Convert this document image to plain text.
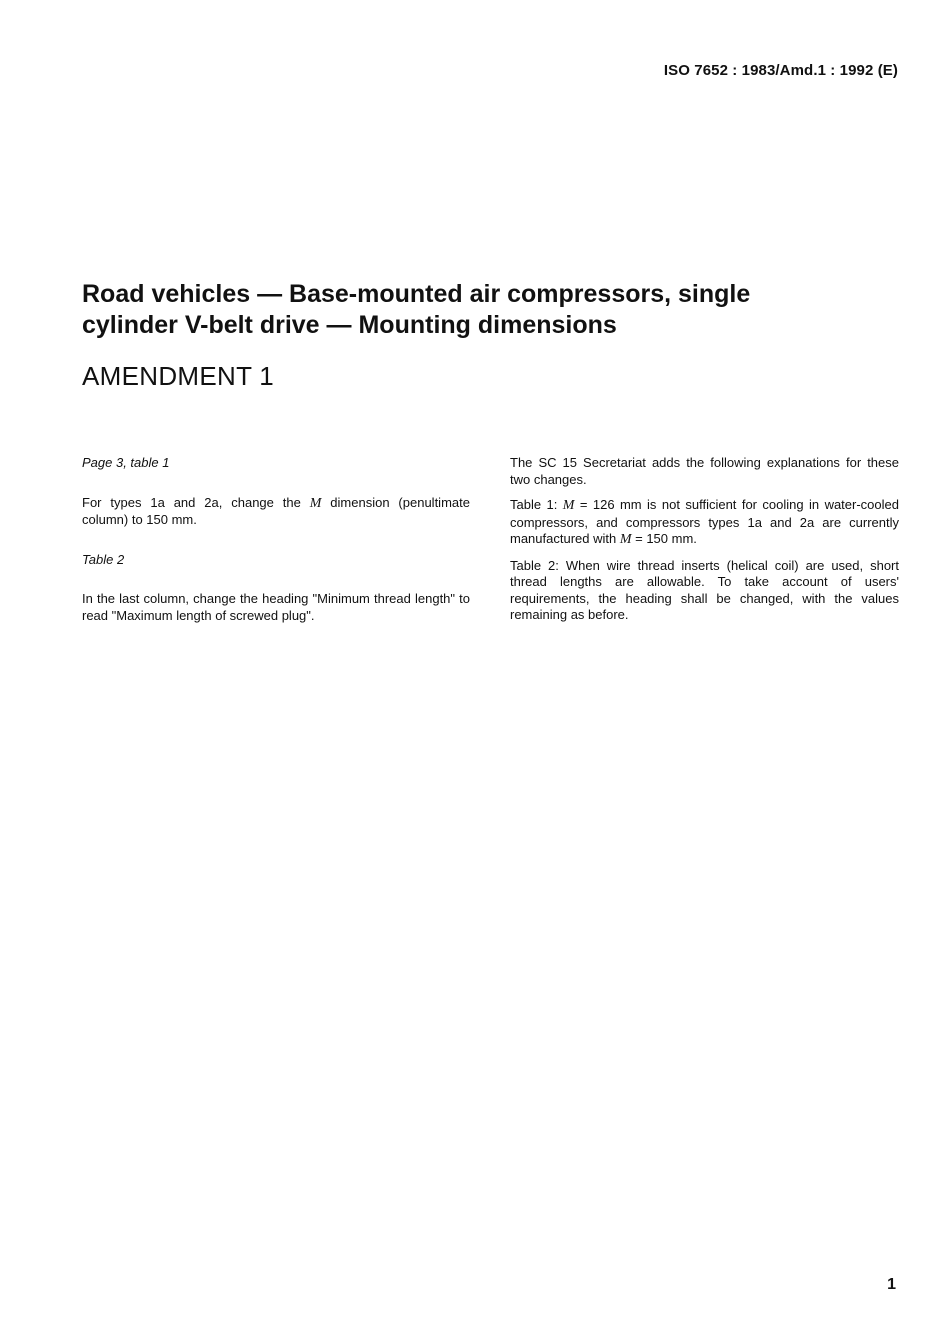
ISO 7652 : 1983/Amd.1 : 1992 (E)
Road vehicles — Base-mounted air compressors, single
cylinder V-belt drive — Mounting dimensions
AMENDMENT 1

Page 3, table 1

For types 1a and 2a, change the M dimension (penultimate column) to 150 mm.

Table 2

In the last column, change the heading "Minimum thread length" to read "Maximum length of screwed plug".

The SC 15 Secretariat adds the following explanations for these two changes.

Table 1: M = 126 mm is not sufficient for cooling in water-cooled compressors, and compressors types 1a and 2a are currently manufactured with M = 150 mm.

Table 2: When wire thread inserts (helical coil) are used, short thread lengths are allowable. To take account of users' requirements, the heading shall be changed, with the values remaining as before.

1
